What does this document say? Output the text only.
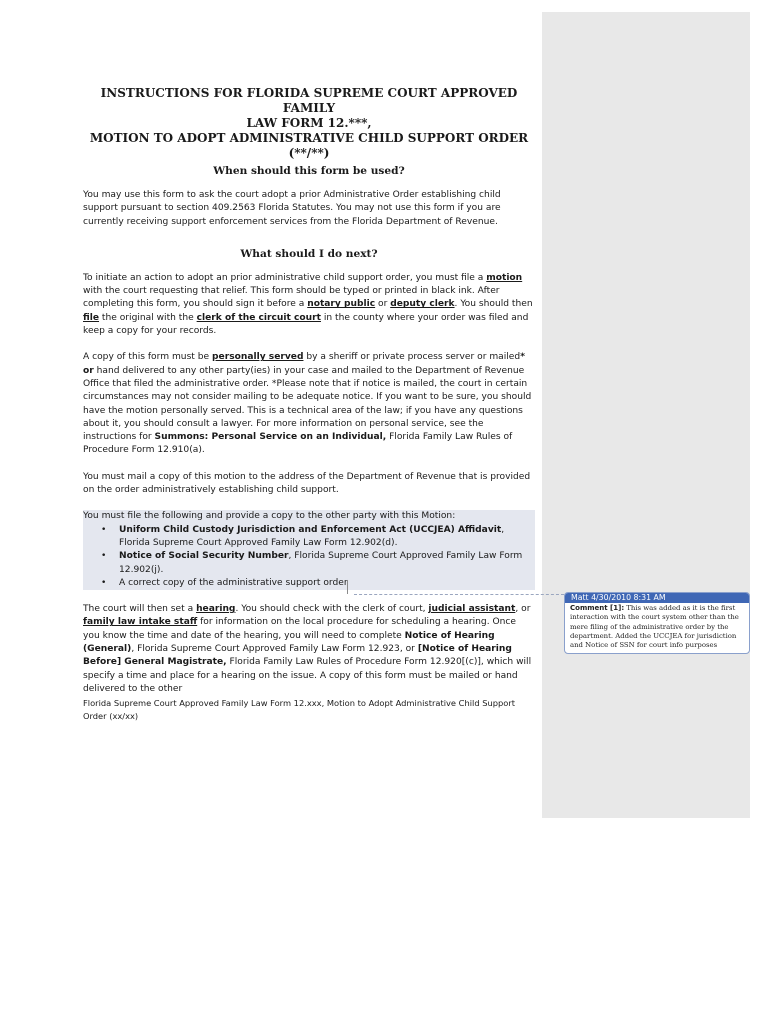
INSTRUCTIONS FOR FLORIDA SUPREME COURT APPROVED FAMILY
LAW FORM 12.***,
MOTION TO ADOPT ADMINISTRATIVE CHILD SUPPORT ORDER
(**/**)

When should this form be used?

You may use this form to ask the court adopt a prior Administrative Order establishing child support pursuant to section 409.2563 Florida Statutes. You may not use this form if you are currently receiving support enforcement services from the Florida Department of Revenue.

What should I do next?

To initiate an action to adopt an prior administrative child support order, you must file a motion with the court requesting that relief. This form should be typed or printed in black ink. After completing this form, you should sign it before a notary public or deputy clerk. You should then file the original with the clerk of the circuit court in the county where your order was filed and keep a copy for your records.

A copy of this form must be personally served by a sheriff or private process server or mailed* or hand delivered to any other party(ies) in your case and mailed to the Department of Revenue Office that filed the administrative order. *Please note that if notice is mailed, the court in certain circumstances may not consider mailing to be adequate notice. If you want to be sure, you should have the motion personally served. This is a technical area of the law; if you have any questions about it, you should consult a lawyer. For more information on personal service, see the instructions for Summons: Personal Service on an Individual, Florida Family Law Rules of Procedure Form 12.910(a).

You must mail a copy of this motion to the address of the Department of Revenue that is provided on the order administratively establishing child support.

You must file the following and provide a copy to the other party with this Motion:

• Uniform Child Custody Jurisdiction and Enforcement Act (UCCJEA) Affidavit, Florida Supreme Court Approved Family Law Form 12.902(d).
• Notice of Social Security Number, Florida Supreme Court Approved Family Law Form 12.902(j).
• A correct copy of the administrative support order

The court will then set a hearing. You should check with the clerk of court, judicial assistant, or family law intake staff for information on the local procedure for scheduling a hearing. Once you know the time and date of the hearing, you will need to complete Notice of Hearing (General), Florida Supreme Court Approved Family Law Form 12.923, or [Notice of Hearing Before] General Magistrate, Florida Family Law Rules of Procedure Form 12.920[(c)], which will specify a time and place for a hearing on the issue. A copy of this form must be mailed or hand delivered to the other

Matt 4/30/2010 8:31 AM
Comment [1]: This was added as it is the first interaction with the court system other than the mere filing of the administrative order by the department. Added the UCCJEA for jurisdiction and Notice of SSN for court info purposes
Florida Supreme Court Approved Family Law Form 12.xxx, Motion to Adopt Administrative Child Support Order (xx/xx)
